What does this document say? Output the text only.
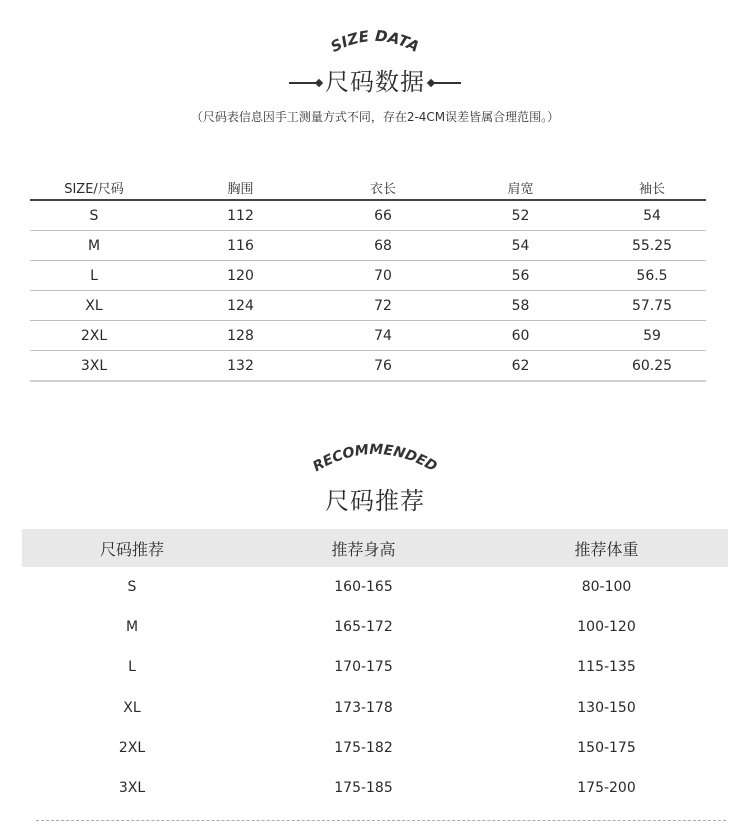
SIZE DATA
尺码数据
（尺码表信息因手工测量方式不同，存在2-4CM误差皆属合理范围。）
SIZE/尺码	胸围	衣长	肩宽	袖长
S	112	66	52	54
M	116	68	54	55.25
L	120	70	56	56.5
XL	124	72	58	57.75
2XL	128	74	60	59
3XL	132	76	62	60.25
RECOMMENDED
尺码推荐
尺码推荐	推荐身高	推荐体重
S	160-165	80-100
M	165-172	100-120
L	170-175	115-135
XL	173-178	130-150
2XL	175-182	150-175
3XL	175-185	175-200
